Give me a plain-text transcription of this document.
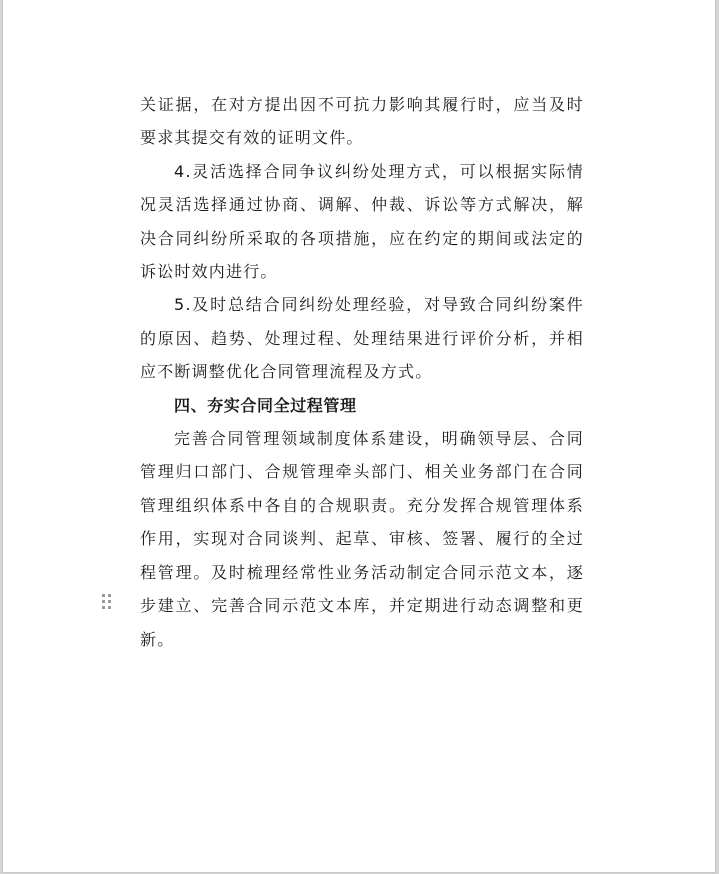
关证据，在对方提出因不可抗力影响其履行时，应当及时要求其提交有效的证明文件。

4.灵活选择合同争议纠纷处理方式，可以根据实际情况灵活选择通过协商、调解、仲裁、诉讼等方式解决，解决合同纠纷所采取的各项措施，应在约定的期间或法定的诉讼时效内进行。

5.及时总结合同纠纷处理经验，对导致合同纠纷案件的原因、趋势、处理过程、处理结果进行评价分析，并相应不断调整优化合同管理流程及方式。

四、夯实合同全过程管理

完善合同管理领域制度体系建设，明确领导层、合同管理归口部门、合规管理牵头部门、相关业务部门在合同管理组织体系中各自的合规职责。充分发挥合规管理体系作用，实现对合同谈判、起草、审核、签署、履行的全过程管理。及时梳理经常性业务活动制定合同示范文本，逐步建立、完善合同示范文本库，并定期进行动态调整和更新。
